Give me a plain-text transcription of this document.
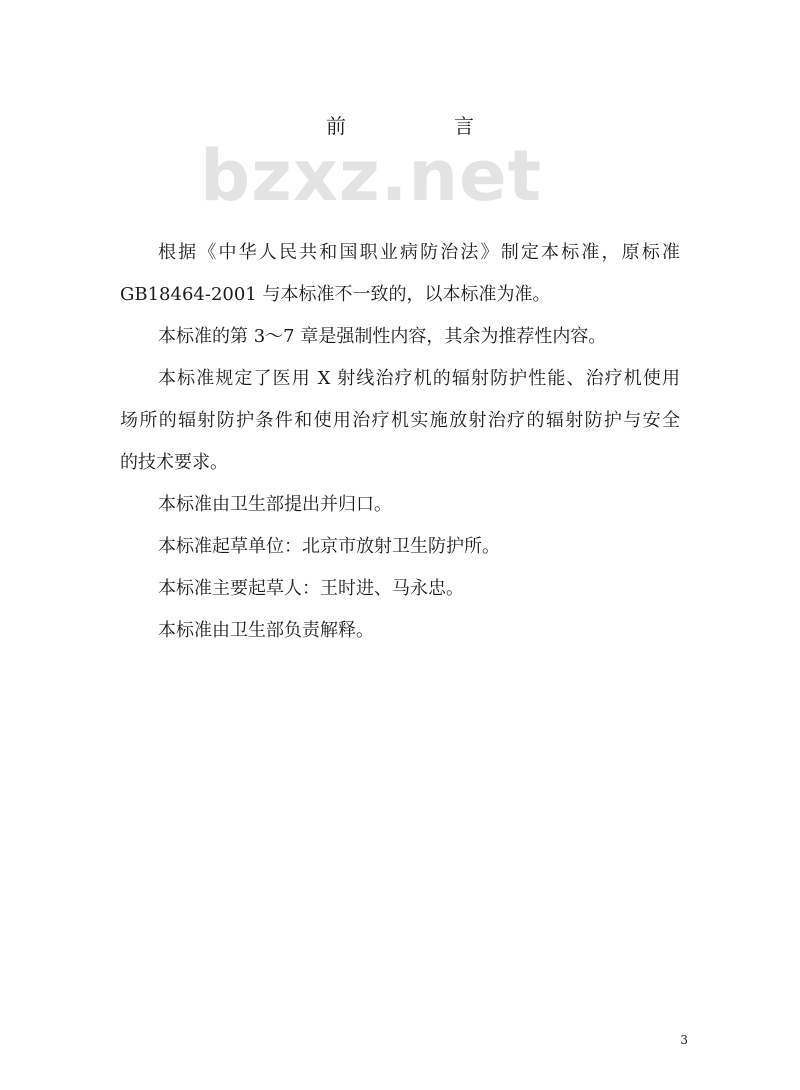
前	言
bzxz.net
根据《中华人民共和国职业病防治法》制定本标准，原标准
GB18464-2001 与本标准不一致的，以本标准为准。
本标准的第 3～7 章是强制性内容，其余为推荐性内容。
本标准规定了医用 X 射线治疗机的辐射防护性能、治疗机使用
场所的辐射防护条件和使用治疗机实施放射治疗的辐射防护与安全
的技术要求。
本标准由卫生部提出并归口。
本标准起草单位：北京市放射卫生防护所。
本标准主要起草人：王时进、马永忠。
本标准由卫生部负责解释。
3
